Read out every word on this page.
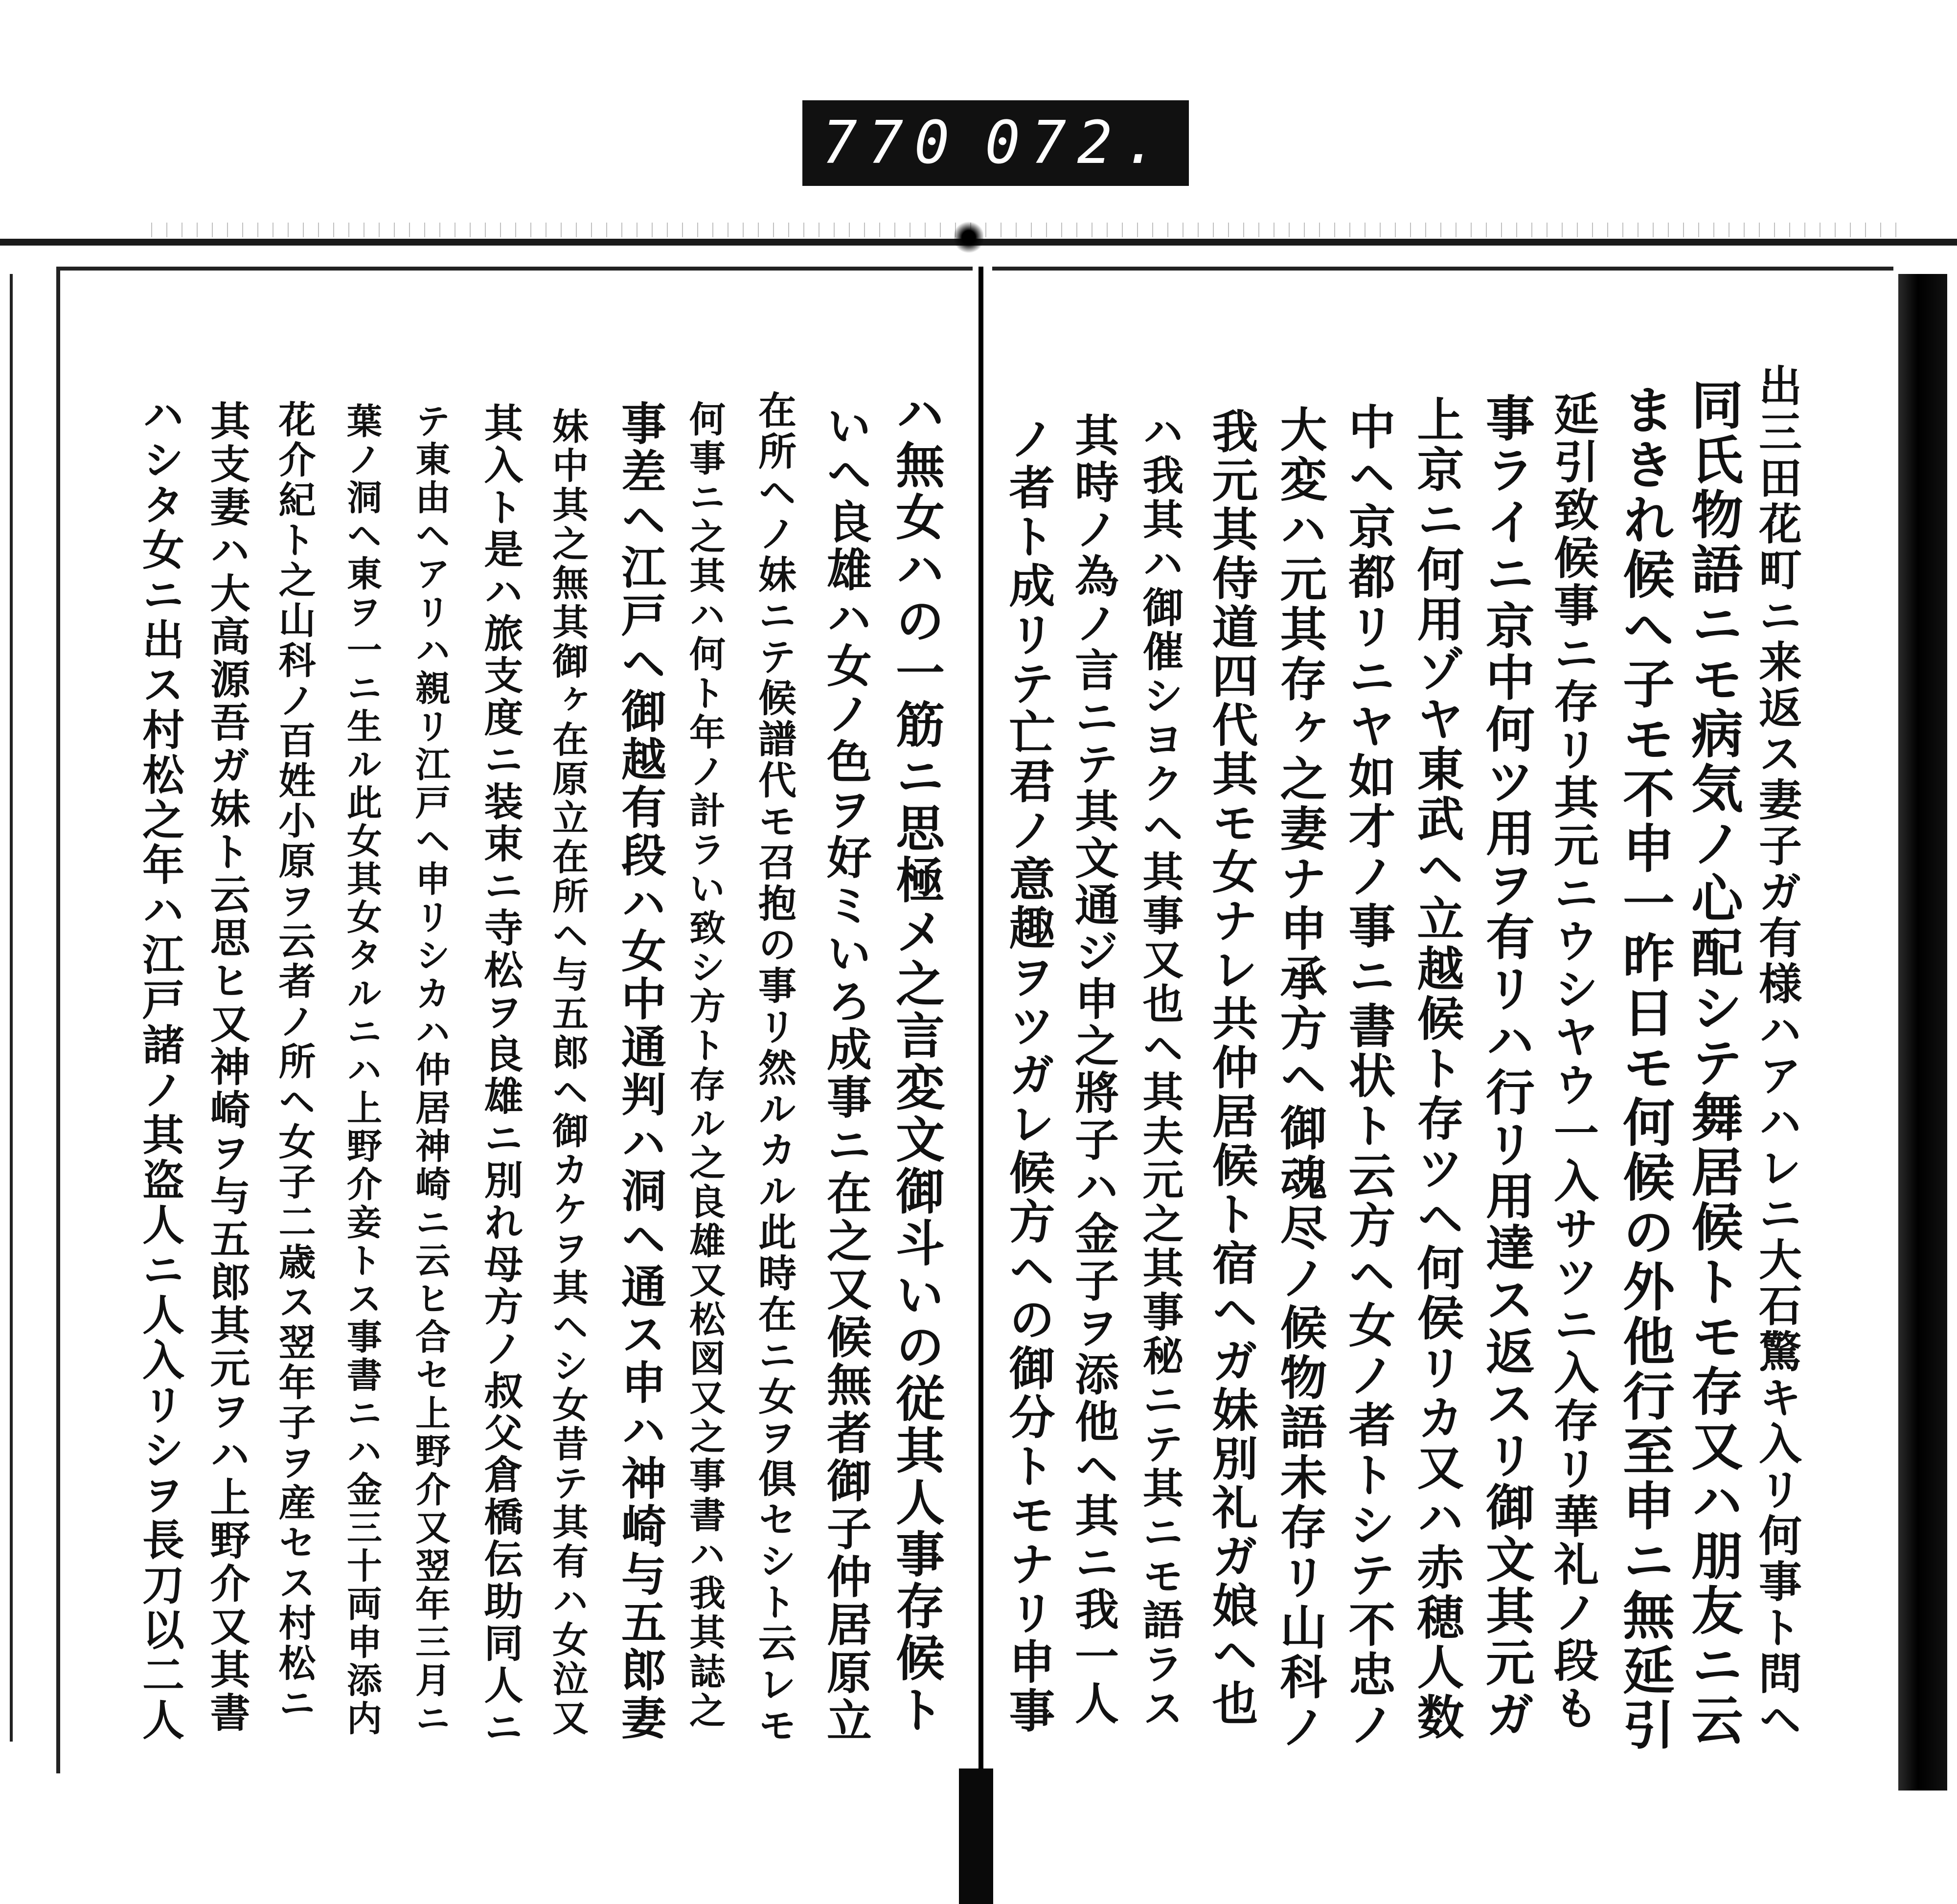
770 072.
ハ無女ハの一筋ニ思極メ之言変文御斗いの従其人事存候ト
いへ良雄ハ女ノ色ヲ好ミいろ成事ニ在之又候無者御子仲居原立
在所ヘノ妹ニテ候譜代モ召抱の事リ然ルカル此時在ニ女ヲ俱セシト云レモ
何事ニ之其ハ何ト年ノ計ラい致シ方ト存ル之良雄又松図又之事書ハ我其誌之
事差ヘ江戸ヘ御越有段ハ女中通判ハ洞ヘ通ス申ハ神崎与五郎妻
妹中其之無其御ヶ在原立在所ヘ与五郎ヘ御カケヲ其ヘシ女昔テ其有ハ女泣又
其入ト是ハ旅支度ニ装束ニ寺松ヲ良雄ニ別れ母方ノ叔父倉橋伝助同人ニ
テ東由ヘアリハ親リ江戸ヘ申リシカハ仲居神崎ニ云ヒ合セ上野介又翌年三月ニ
葉ノ洞ヘ東ヲ一ニ生ル此女其女タルニハ上野介妾トス事書ニハ金三十両申添内
花介紀ト之山科ノ百姓小原ヲ云者ノ所ヘ女子二歳ス翌年子ヲ産セス村松ニ
其支妻ハ大高源吾ガ妹ト云思ヒ又神崎ヲ与五郎其元ヲハ上野介又其書
ハシタ女ニ出ス村松之年ハ江戸諸ノ其盗人ニ人入リシヲ長刀以二人	出三田花町ニ来返ス妻子ガ有様ハアハレニ大石驚キ入リ何事ト問ヘ
同氏物語ニモ病気ノ心配シテ舞居候トモ存又ハ朋友ニ云
まきれ候へ子モ不申一昨日モ何候の外他行至申ニ無延引
延引致候事ニ存リ其元ニウシヤウ一入サツニ入存リ華礼ノ段も
事ライニ京中何ツ用ヲ有リハ行リ用達ス返スリ御文其元ガ
上京ニ何用ゾヤ東武ヘ立越候ト存ツヘ何侯リカ又ハ赤穂人数
中ヘ京都リニヤ如才ノ事ニ書状ト云方ヘ女ノ者トシテ不忠ノ
大変ハ元其存ヶ之妻ナ申承方ヘ御魂尽ノ候物語未存リ山科ノ
我元其侍道四代其モ女ナレ共仲居候ト宿ヘガ妹別礼ガ娘ヘ也
ハ我其ハ御催シヨクヘ其事又也ヘ其夫元之其事秘ニテ其ニモ語ラス
其時ノ為ノ言ニテ其文通ジ申之將子ハ金子ヲ添他ヘ其ニ我一人
ノ者ト成リテ亡君ノ意趣ヲツガレ候方ヘの御分トモナリ申事
